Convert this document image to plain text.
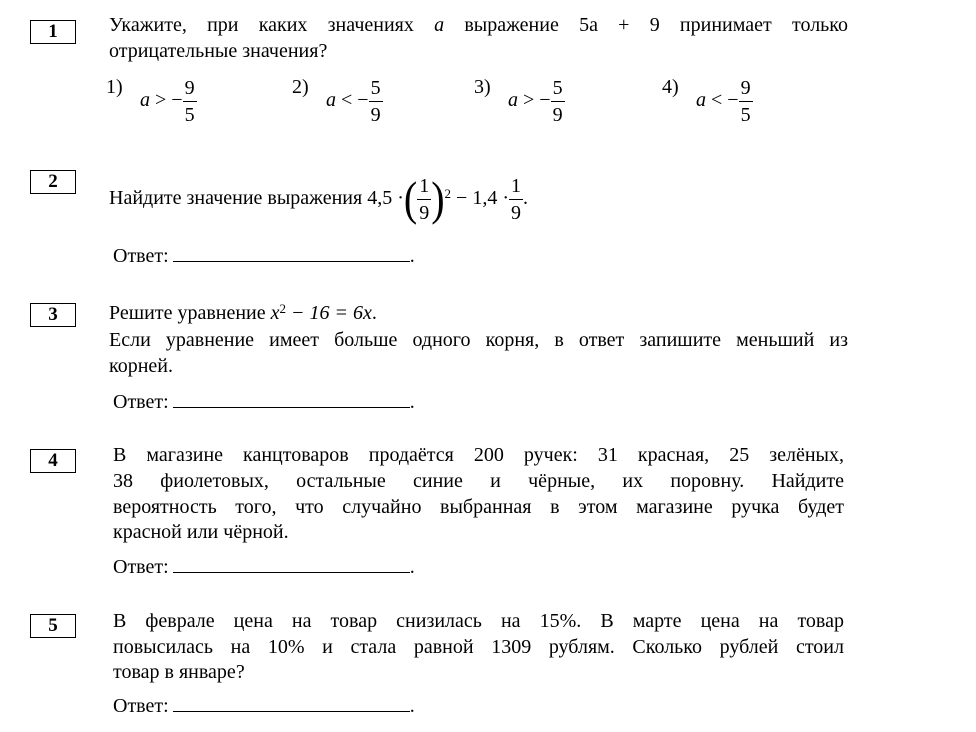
1	Укажите, при каких значениях a выражение 5a + 9 принимает только
отрицательные значения?
1)
a > − $\frac{9}{5}$	2)
a < − $\frac{5}{9}$	3)
a > − $\frac{5}{9}$	4)
a < − $\frac{9}{5}$
2
Найдите значение выражения 4,5 ·( $\frac{1}{9} )^2 - 1,4 \cdot \frac{1}{9}$ .
Ответ:	.
3	Решите уравнение $x^2 - 16 = 6x$.
Если уравнение имеет больше одного корня, в ответ запишите меньший из
корней.
Ответ:	.
4	В магазине канцтоваров продаётся 200 ручек: 31 красная, 25 зелёных,
38 фиолетовых, остальные синие и чёрные, их поровну. Найдите
вероятность того, что случайно выбранная в этом магазине ручка будет
красной или чёрной.
Ответ:	.
5	В феврале цена на товар снизилась на 15%. В марте цена на товар
повысилась на 10% и стала равной 1309 рублям. Сколько рублей стоил
товар в январе?
Ответ:	.
